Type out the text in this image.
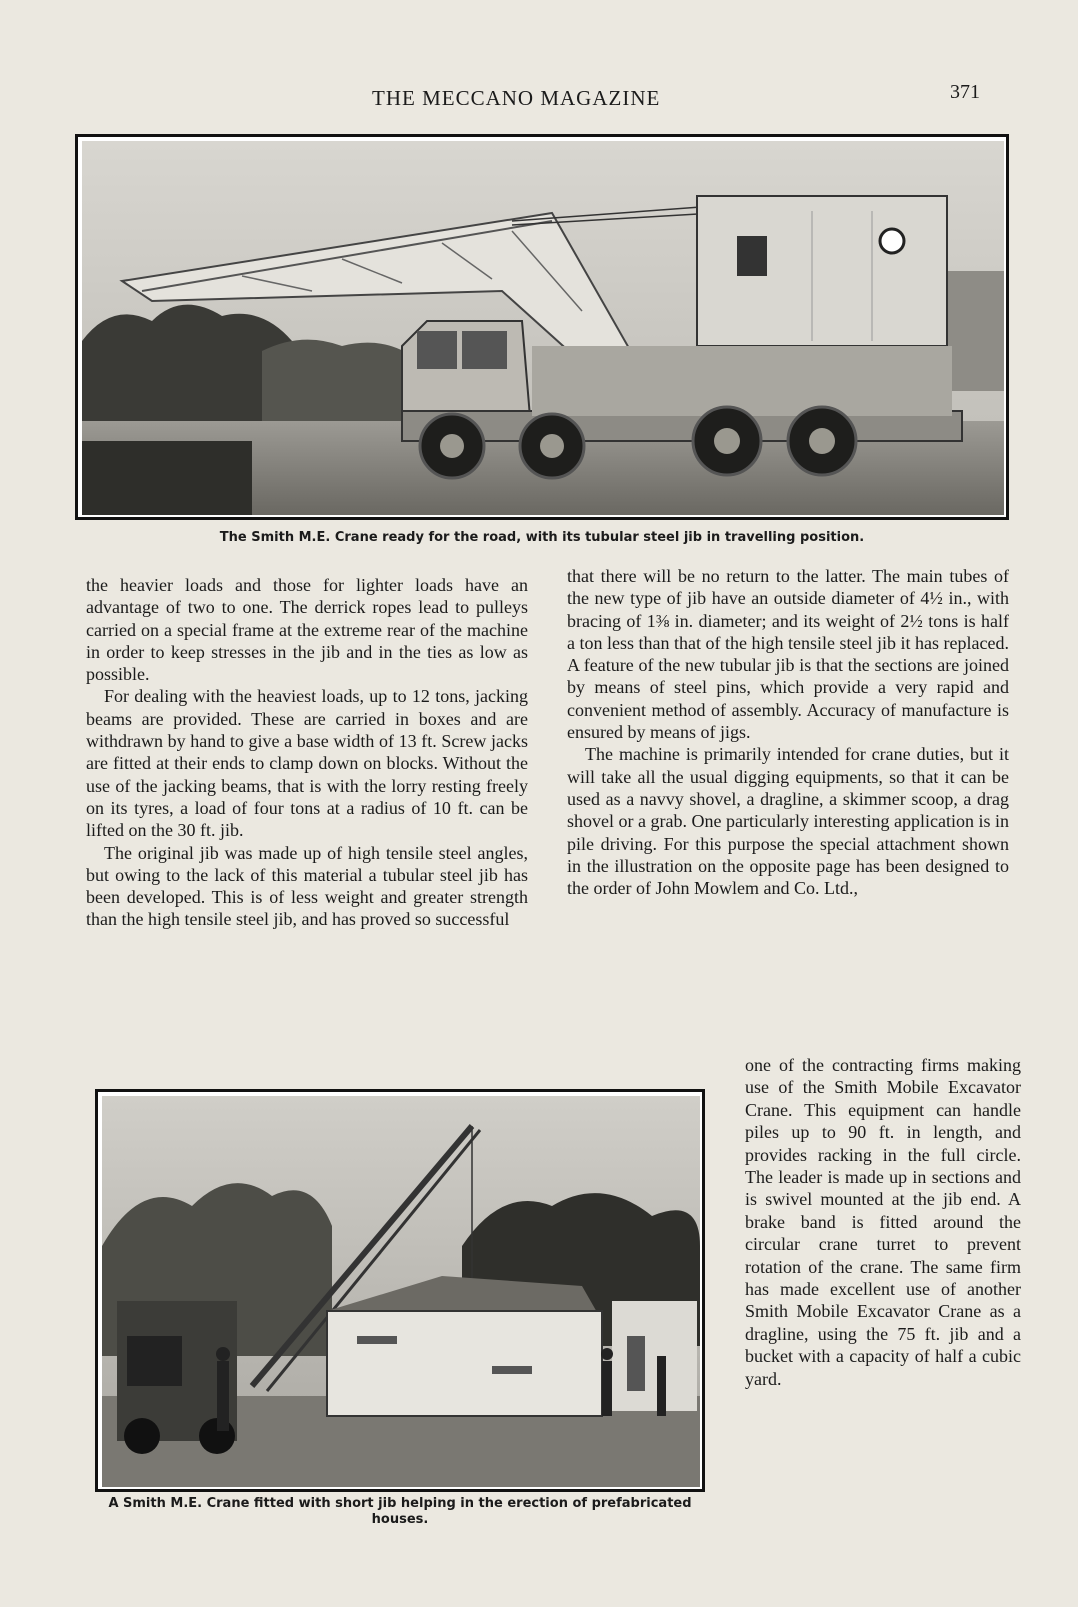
THE MECCANO MAGAZINE	371
The Smith M.E. Crane ready for the road, with its tubular steel jib in travelling position.

the heavier loads and those for lighter loads have an advantage of two to one. The derrick ropes lead to pulleys carried on a special frame at the extreme rear of the machine in order to keep stresses in the jib and in the ties as low as possible.

For dealing with the heaviest loads, up to 12 tons, jacking beams are provided. These are carried in boxes and are withdrawn by hand to give a base width of 13 ft. Screw jacks are fitted at their ends to clamp down on blocks. Without the use of the jacking beams, that is with the lorry resting freely on its tyres, a load of four tons at a radius of 10 ft. can be lifted on the 30 ft. jib.

The original jib was made up of high tensile steel angles, but owing to the lack of this material a tubular steel jib has been developed. This is of less weight and greater strength than the high tensile steel jib, and has proved so successful

that there will be no return to the latter. The main tubes of the new type of jib have an outside diameter of 4½ in., with bracing of 1⅜ in. diameter; and its weight of 2½ tons is half a ton less than that of the high tensile steel jib it has replaced. A feature of the new tubular jib is that the sections are joined by means of steel pins, which provide a very rapid and convenient method of assembly. Accuracy of manufacture is ensured by means of jigs.

The machine is primarily intended for crane duties, but it will take all the usual digging equipments, so that it can be used as a navvy shovel, a dragline, a skimmer scoop, a drag shovel or a grab. One particularly interesting application is in pile driving. For this purpose the special attachment shown in the illustration on the opposite page has been designed to the order of John Mowlem and Co. Ltd.,

A Smith M.E. Crane fitted with short jib helping in the erection of prefabricated houses.

one of the contracting firms making use of the Smith Mobile Excavator Crane. This equipment can handle piles up to 90 ft. in length, and provides racking in the full circle. The leader is made up in sections and is swivel mounted at the jib end. A brake band is fitted around the circular crane turret to prevent rotation of the crane. The same firm has made excellent use of another Smith Mobile Excavator Crane as a dragline, using the 75 ft. jib and a bucket with a capacity of half a cubic yard.
